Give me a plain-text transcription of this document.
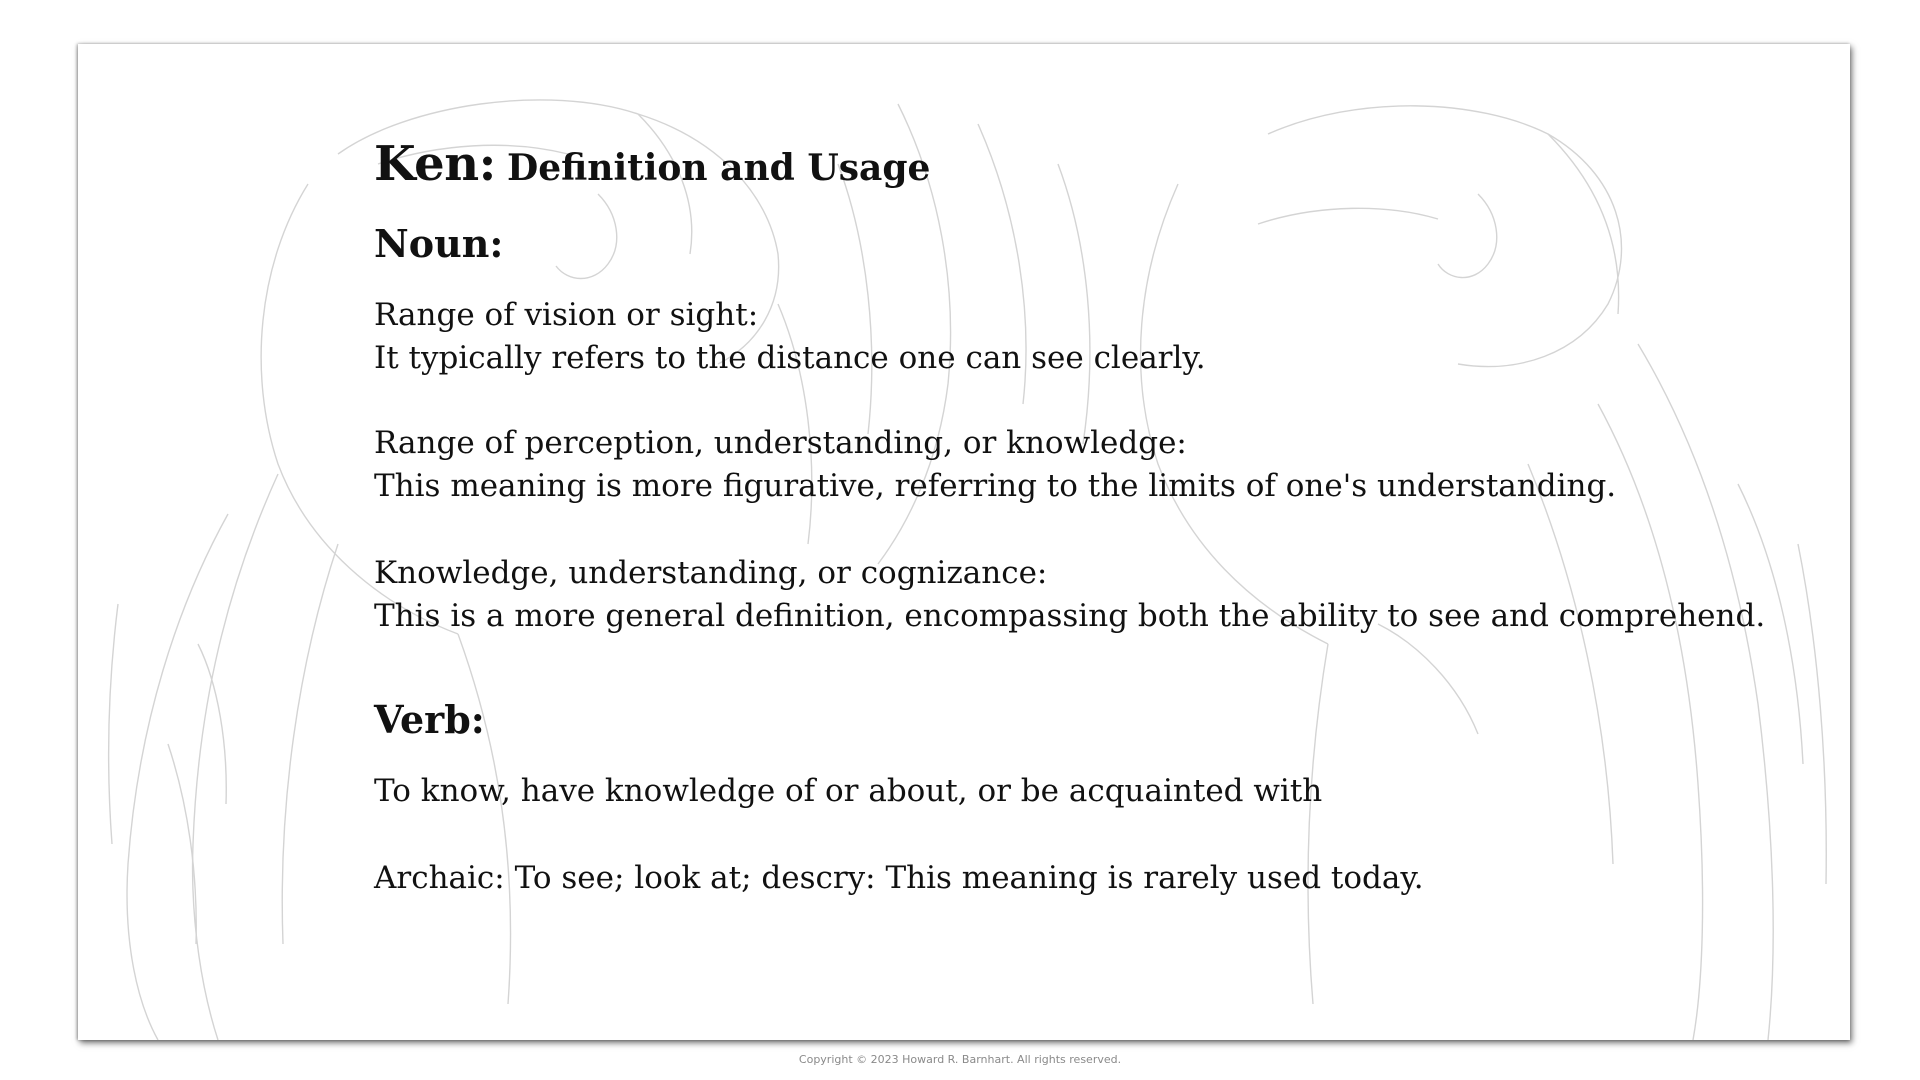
Ken: Definition and Usage
Noun:
Range of vision or sight:
It typically refers to the distance one can see clearly.
Range of perception, understanding, or knowledge:
This meaning is more figurative, referring to the limits of one's understanding.
Knowledge, understanding, or cognizance:
This is a more general definition, encompassing both the ability to see and comprehend.
Verb:
To know, have knowledge of or about, or be acquainted with
Archaic: To see; look at; descry: This meaning is rarely used today.
Copyright © 2023 Howard R. Barnhart. All rights reserved.
